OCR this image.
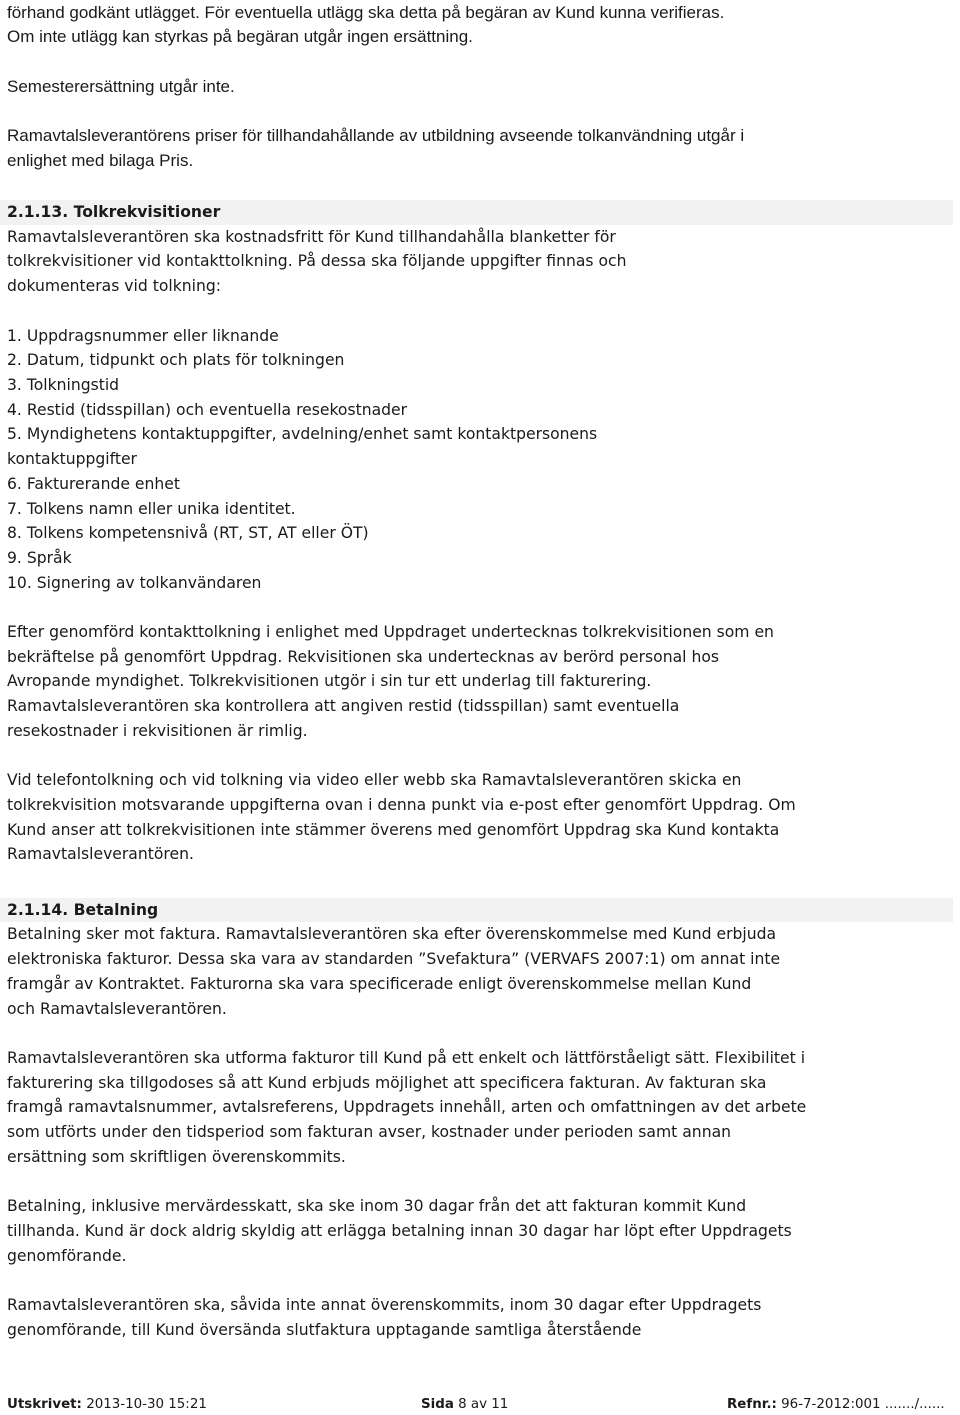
förhand godkänt utlägget. För eventuella utlägg ska detta på begäran av Kund kunna verifieras. Om inte utlägg kan styrkas på begäran utgår ingen ersättning.

Semesterersättning utgår inte.

Ramavtalsleverantörens priser för tillhandahållande av utbildning avseende tolkanvändning utgår i enlighet med bilaga Pris.

2.1.13. Tolkrekvisitioner

Ramavtalsleverantören ska kostnadsfritt för Kund tillhandahålla blanketter för tolkrekvisitioner vid kontakttolkning. På dessa ska följande uppgifter finnas och dokumenteras vid tolkning:

1. Uppdragsnummer eller liknande
2. Datum, tidpunkt och plats för tolkningen
3. Tolkningstid
4. Restid (tidsspillan) och eventuella resekostnader
5. Myndighetens kontaktuppgifter, avdelning/enhet samt kontaktpersonens kontaktuppgifter
6. Fakturerande enhet
7. Tolkens namn eller unika identitet.
8. Tolkens kompetensnivå (RT, ST, AT eller ÖT)
9. Språk
10. Signering av tolkanvändaren

Efter genomförd kontakttolkning i enlighet med Uppdraget undertecknas tolkrekvisitionen som en bekräftelse på genomfört Uppdrag. Rekvisitionen ska undertecknas av berörd personal hos Avropande myndighet. Tolkrekvisitionen utgör i sin tur ett underlag till fakturering. Ramavtalsleverantören ska kontrollera att angiven restid (tidsspillan) samt eventuella resekostnader i rekvisitionen är rimlig.

Vid telefontolkning och vid tolkning via video eller webb ska Ramavtalsleverantören skicka en tolkrekvisition motsvarande uppgifterna ovan i denna punkt via e-post efter genomfört Uppdrag. Om Kund anser att tolkrekvisitionen inte stämmer överens med genomfört Uppdrag ska Kund kontakta Ramavtalsleverantören.

2.1.14. Betalning

Betalning sker mot faktura. Ramavtalsleverantören ska efter överenskommelse med Kund erbjuda elektroniska fakturor. Dessa ska vara av standarden ”Svefaktura” (VERVAFS 2007:1) om annat inte framgår av Kontraktet. Fakturorna ska vara specificerade enligt överenskommelse mellan Kund och Ramavtalsleverantören.

Ramavtalsleverantören ska utforma fakturor till Kund på ett enkelt och lättförståeligt sätt. Flexibilitet i fakturering ska tillgodoses så att Kund erbjuds möjlighet att specificera fakturan. Av fakturan ska framgå ramavtalsnummer, avtalsreferens, Uppdragets innehåll, arten och omfattningen av det arbete som utförts under den tidsperiod som fakturan avser, kostnader under perioden samt annan ersättning som skriftligen överenskommits.

Betalning, inklusive mervärdesskatt, ska ske inom 30 dagar från det att fakturan kommit Kund tillhanda. Kund är dock aldrig skyldig att erlägga betalning innan 30 dagar har löpt efter Uppdragets genomförande.

Ramavtalsleverantören ska, såvida inte annat överenskommits, inom 30 dagar efter Uppdragets genomförande, till Kund översända slutfaktura upptagande samtliga återstående

Utskrivet: 2013-10-30 15:21	Sida 8 av 11	Refnr.: 96-7-2012:001 ......./......
